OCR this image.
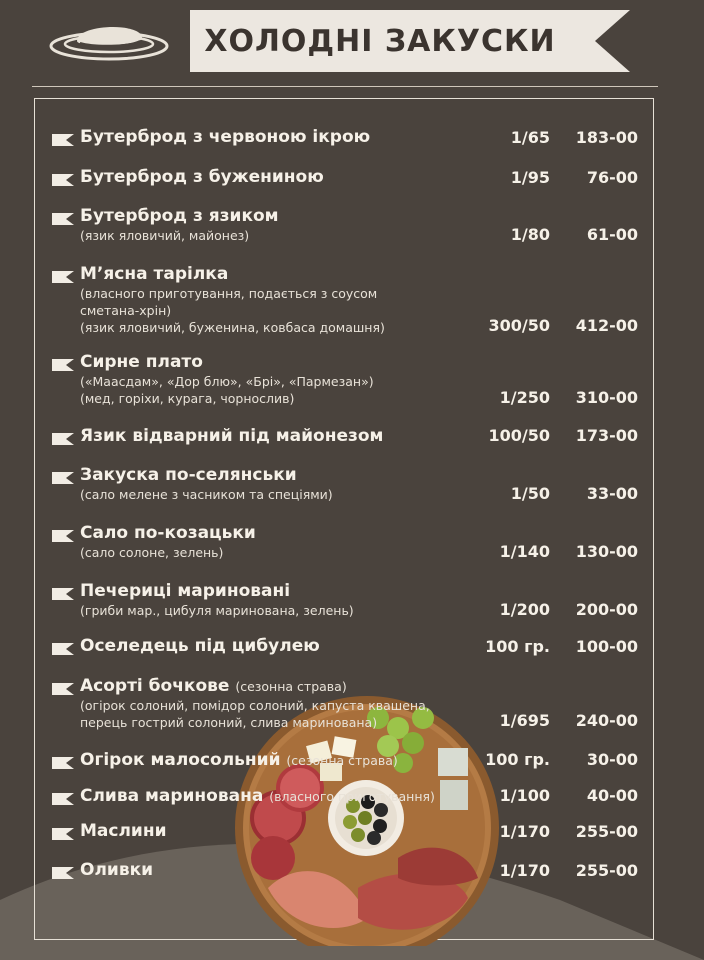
ХОЛОДНІ ЗАКУСКИ
Бутерброд з червоною ікрою	1/65 183-00
Бутерброд з бужениною	1/95 76-00
Бутерброд з язиком
(язик яловичий, майонез)	1/80 61-00
М’ясна тарілка
(власного приготування, подається з соусом
сметана-хрін)
(язик яловичий, буженина, ковбаса домашня)	300/50 412-00
Сирне плато
(«Маасдам», «Дор блю», «Брі», «Пармезан»)
(мед, горіхи, курага, чорнослив)	1/250 310-00
Язик відварний під майонезом	100/50 173-00
Закуска по-селянськи
(сало мелене з часником та спеціями)	1/50 33-00
Сало по-козацьки
(сало солоне, зелень)	1/140 130-00
Печериці мариновані
(гриби мар., цибуля маринована, зелень)	1/200 200-00
Оселедець під цибулею	100 гр. 100-00
Асорті бочкове (сезонна страва)
(огірок солоний, помідор солоний, капуста квашена,
перець гострий солоний, слива маринована)	1/695 240-00
Огірок малосольний (сезонна страва)	100 гр. 30-00
Слива маринована (власного приготування)	1/100 40-00
Маслини	1/170 255-00
Оливки	1/170 255-00
